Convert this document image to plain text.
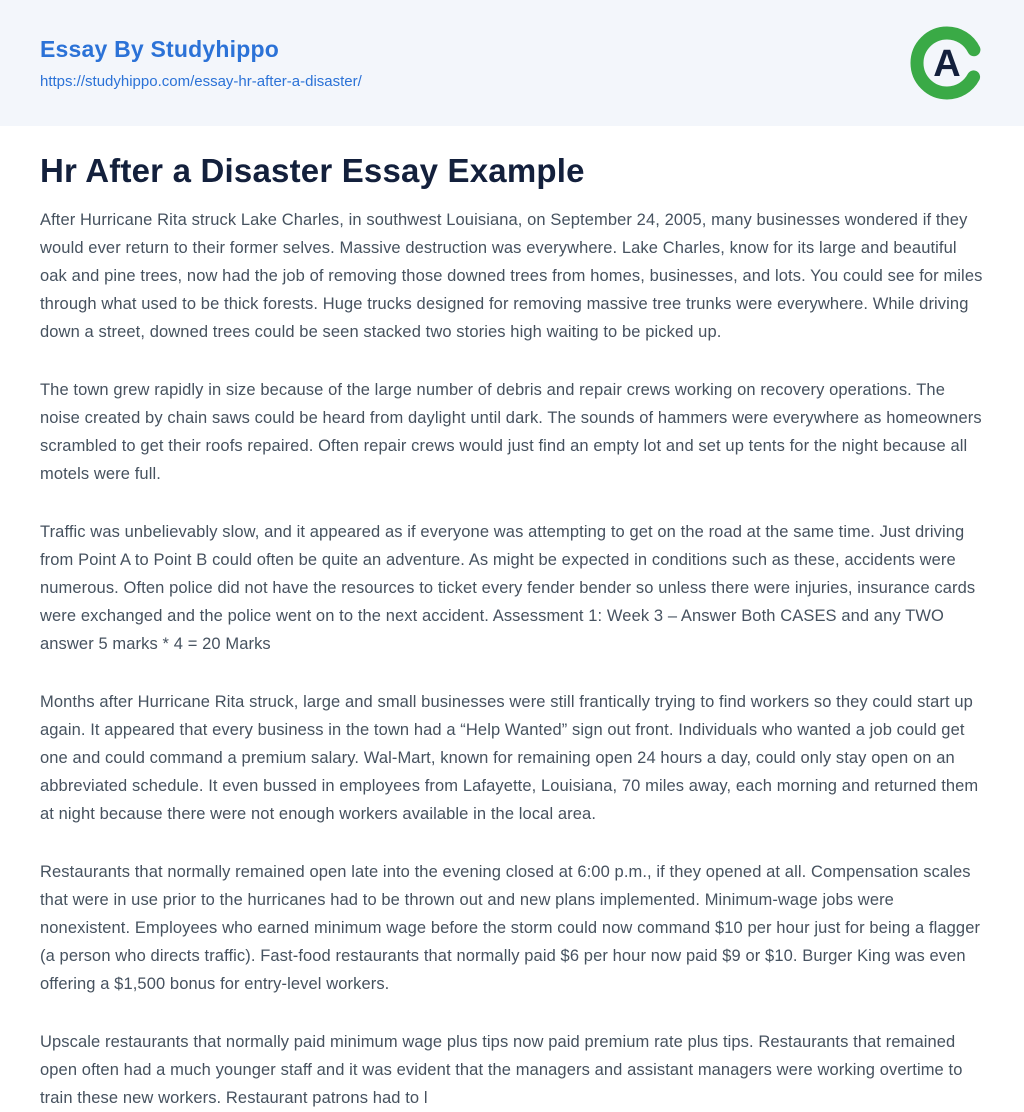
Essay By Studyhippo
https://studyhippo.com/essay-hr-after-a-disaster/	A
Hr After a Disaster Essay Example

After Hurricane Rita struck Lake Charles, in southwest Louisiana, on September 24, 2005, many businesses wondered if they would ever return to their former selves. Massive destruction was everywhere. Lake Charles, know for its large and beautiful oak and pine trees, now had the job of removing those downed trees from homes, businesses, and lots. You could see for miles through what used to be thick forests. Huge trucks designed for removing massive tree trunks were everywhere. While driving down a street, downed trees could be seen stacked two stories high waiting to be picked up.

The town grew rapidly in size because of the large number of debris and repair crews working on recovery operations. The noise created by chain saws could be heard from daylight until dark. The sounds of hammers were everywhere as homeowners scrambled to get their roofs repaired. Often repair crews would just find an empty lot and set up tents for the night because all motels were full.

Traffic was unbelievably slow, and it appeared as if everyone was attempting to get on the road at the same time. Just driving from Point A to Point B could often be quite an adventure. As might be expected in conditions such as these, accidents were numerous. Often police did not have the resources to ticket every fender bender so unless there were injuries, insurance cards were exchanged and the police went on to the next accident. Assessment 1: Week 3 – Answer Both CASES and any TWO answer 5 marks * 4 = 20 Marks

Months after Hurricane Rita struck, large and small businesses were still frantically trying to find workers so they could start up again. It appeared that every business in the town had a “Help Wanted” sign out front. Individuals who wanted a job could get one and could command a premium salary. Wal-Mart, known for remaining open 24 hours a day, could only stay open on an abbreviated schedule. It even bussed in employees from Lafayette, Louisiana, 70 miles away, each morning and returned them at night because there were not enough workers available in the local area.

Restaurants that normally remained open late into the evening closed at 6:00 p.m., if they opened at all. Compensation scales that were in use prior to the hurricanes had to be thrown out and new plans implemented. Minimum-wage jobs were nonexistent. Employees who earned minimum wage before the storm could now command $10 per hour just for being a flagger (a person who directs traffic). Fast-food restaurants that normally paid $6 per hour now paid $9 or $10. Burger King was even offering a $1,500 bonus for entry-level workers.

Upscale restaurants that normally paid minimum wage plus tips now paid premium rate plus tips. Restaurants that remained open often had a much younger staff and it was evident that the managers and assistant managers were working overtime to train these new workers. Restaurant patrons had to l
